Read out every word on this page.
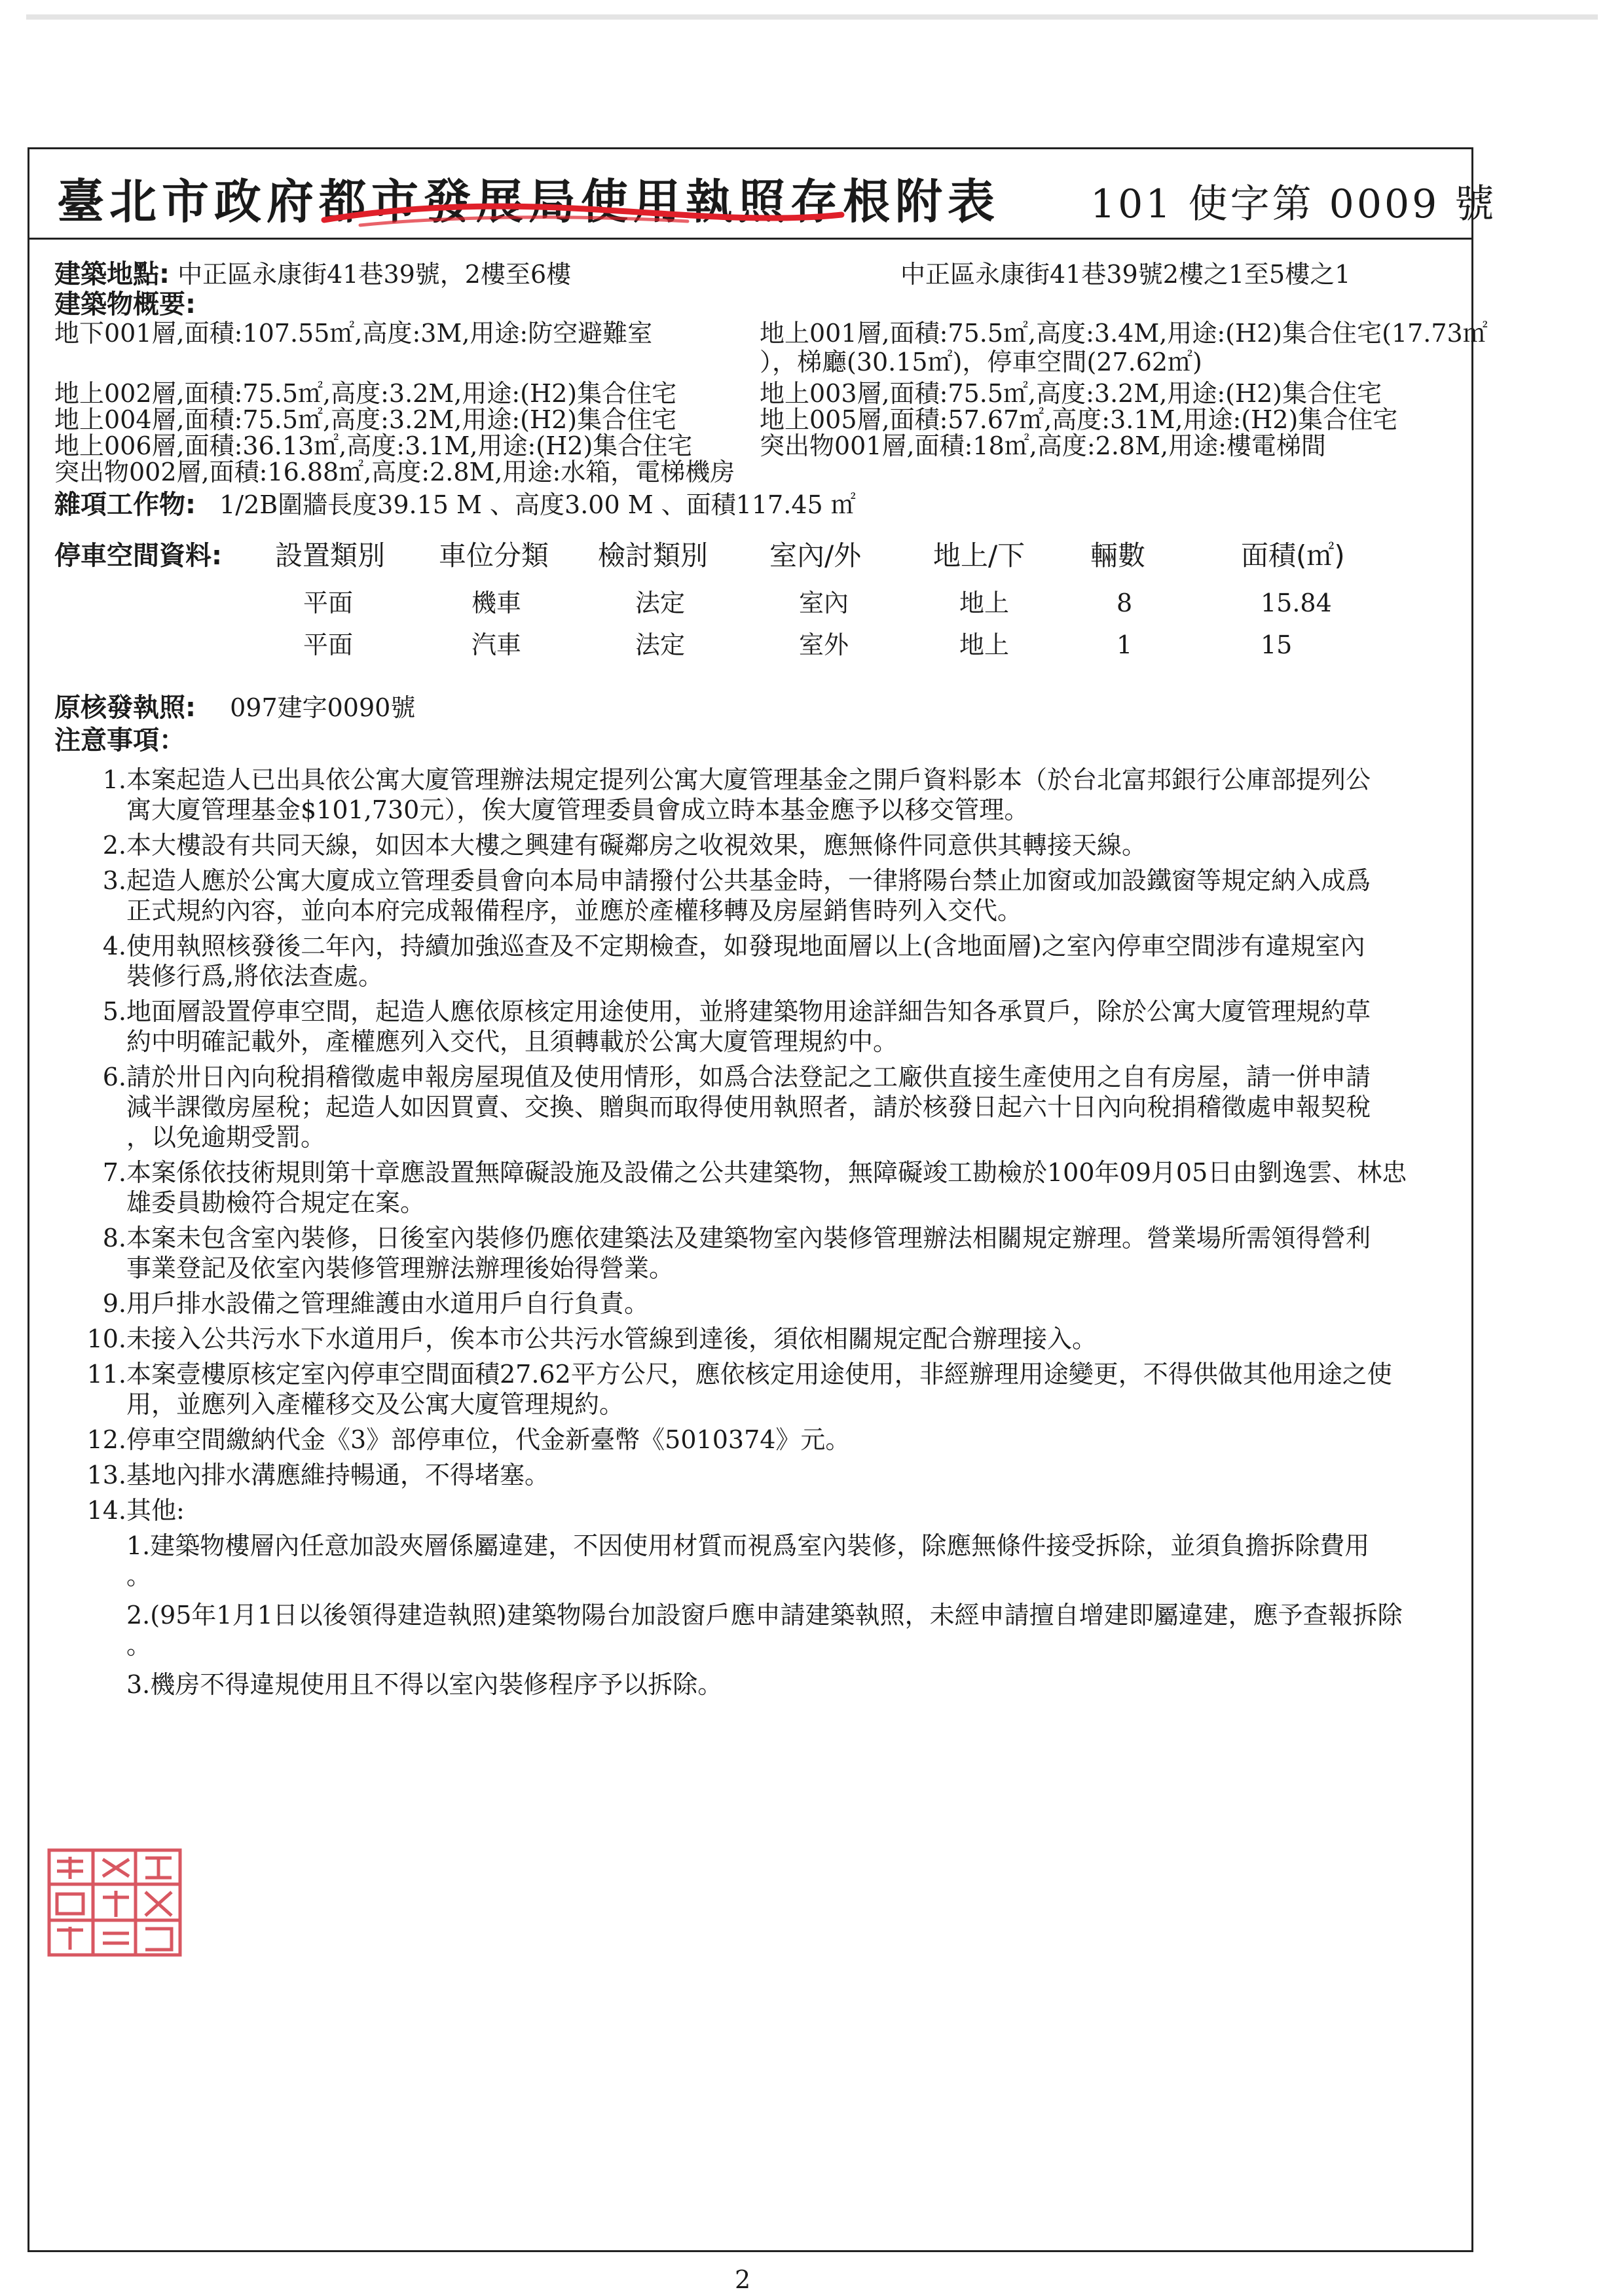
臺北市政府都市發展局使用執照存根附表 101 使字第 0009 號
建築地點: 中正區永康街41巷39號，2樓至6樓	中正區永康街41巷39號2樓之1至5樓之1
建築物概要:
地下001層,面積:107.55㎡,高度:3M,用途:防空避難室	地上001層,面積:75.5㎡,高度:3.4M,用途:(H2)集合住宅(17.73㎡
），梯廳(30.15㎡)，停車空間(27.62㎡)
地上002層,面積:75.5㎡,高度:3.2M,用途:(H2)集合住宅	地上003層,面積:75.5㎡,高度:3.2M,用途:(H2)集合住宅
地上004層,面積:75.5㎡,高度:3.2M,用途:(H2)集合住宅	地上005層,面積:57.67㎡,高度:3.1M,用途:(H2)集合住宅
地上006層,面積:36.13㎡,高度:3.1M,用途:(H2)集合住宅	突出物001層,面積:18㎡,高度:2.8M,用途:樓電梯間
突出物002層,面積:16.88㎡,高度:2.8M,用途:水箱，電梯機房
雜項工作物: 1/2B圍牆長度39.15 M 、高度3.00 M 、面積117.45 ㎡
停車空間資料: 設置類別 車位分類 檢討類別 室內/外	地上/下 輛數	面積(㎡)
平面	機車	法定	室內	地上	8	15.84
平面	汽車	法定	室外	地上	1	15
原核發執照: 097建字0090號
注意事項：
1. 本案起造人已出具依公寓大廈管理辦法規定提列公寓大廈管理基金之開戶資料影本（於台北富邦銀行公庫部提列公
寓大廈管理基金$101,730元），俟大廈管理委員會成立時本基金應予以移交管理。
2. 本大樓設有共同天線，如因本大樓之興建有礙鄰房之收視效果，應無條件同意供其轉接天線。
3. 起造人應於公寓大廈成立管理委員會向本局申請撥付公共基金時，一律將陽台禁止加窗或加設鐵窗等規定納入成爲
正式規約內容，並向本府完成報備程序，並應於產權移轉及房屋銷售時列入交代。
4. 使用執照核發後二年內，持續加強巡查及不定期檢查，如發現地面層以上(含地面層)之室內停車空間涉有違規室內
裝修行爲,將依法查處。
5. 地面層設置停車空間，起造人應依原核定用途使用，並將建築物用途詳細告知各承買戶，除於公寓大廈管理規約草
約中明確記載外，產權應列入交代，且須轉載於公寓大廈管理規約中。
6. 請於卅日內向稅捐稽徵處申報房屋現值及使用情形，如爲合法登記之工廠供直接生產使用之自有房屋，請一併申請
減半課徵房屋稅；起造人如因買賣、交換、贈與而取得使用執照者，請於核發日起六十日內向稅捐稽徵處申報契稅
，以免逾期受罰。
7. 本案係依技術規則第十章應設置無障礙設施及設備之公共建築物，無障礙竣工勘檢於100年09月05日由劉逸雲、林忠
雄委員勘檢符合規定在案。
8. 本案未包含室內裝修，日後室內裝修仍應依建築法及建築物室內裝修管理辦法相關規定辦理。營業場所需領得營利
事業登記及依室內裝修管理辦法辦理後始得營業。
9. 用戶排水設備之管理維護由水道用戶自行負責。
10. 未接入公共污水下水道用戶，俟本市公共污水管線到達後，須依相關規定配合辦理接入。
11. 本案壹樓原核定室內停車空間面積27.62平方公尺，應依核定用途使用，非經辦理用途變更，不得供做其他用途之使
用，並應列入產權移交及公寓大廈管理規約。
12. 停車空間繳納代金《3》部停車位，代金新臺幣《5010374》元。
13. 基地內排水溝應維持暢通，不得堵塞。
14. 其他:
1.建築物樓層內任意加設夾層係屬違建，不因使用材質而視爲室內裝修，除應無條件接受拆除，並須負擔拆除費用
。
2.(95年1月1日以後領得建造執照)建築物陽台加設窗戶應申請建築執照，未經申請擅自增建即屬違建，應予查報拆除
。
3.機房不得違規使用且不得以室內裝修程序予以拆除。
2
